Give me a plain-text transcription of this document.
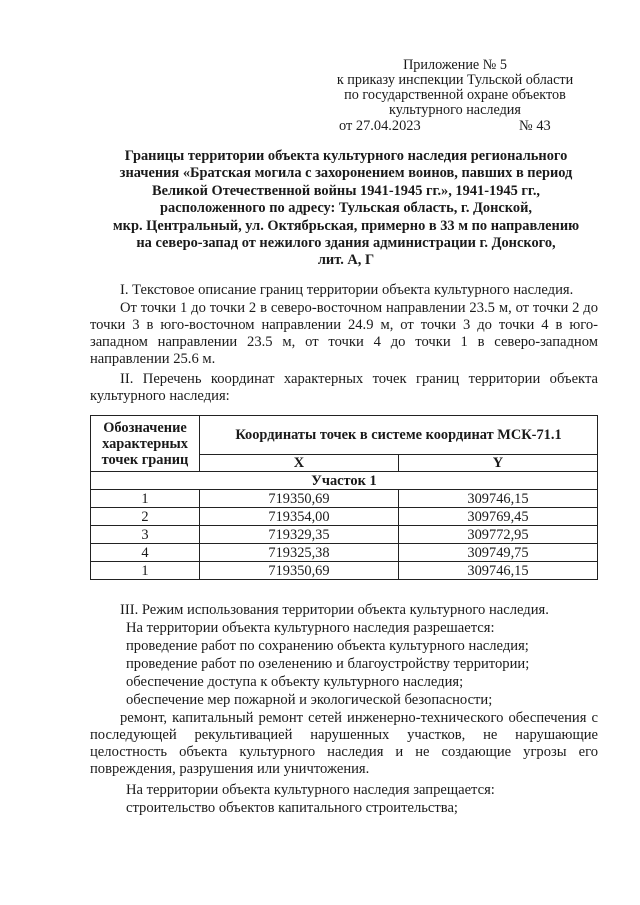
Приложение № 5
к приказу инспекции Тульской области
по государственной охране объектов
культурного наследия
от 27.04.2023	№ 43
Границы территории объекта культурного наследия регионального
значения «Братская могила с захоронением воинов, павших в период
Великой Отечественной войны 1941-1945 гг.», 1941-1945 гг.,
расположенного по адресу: Тульская область, г. Донской,
мкр. Центральный, ул. Октябрьская, примерно в 33 м по направлению
на северо-запад от нежилого здания администрации г. Донского,
лит. А, Г
I. Текстовое описание границ территории объекта культурного наследия.
От точки 1 до точки 2 в северо-восточном направлении 23.5 м, от точки 2 до точки 3 в юго-восточном направлении 24.9 м, от точки 3 до точки 4 в юго-западном направлении 23.5 м, от точки 4 до точки 1 в северо-западном направлении 25.6 м.
II. Перечень координат характерных точек границ территории объекта культурного наследия:
Обозначение характерных точек границ	Координаты точек в системе координат МСК-71.1	
	X	Y
Участок 1		
1	719350,69	309746,15
2	719354,00	309769,45
3	719329,35	309772,95
4	719325,38	309749,75
1	719350,69	309746,15
III. Режим использования территории объекта культурного наследия.
На территории объекта культурного наследия разрешается:
проведение работ по сохранению объекта культурного наследия;
проведение работ по озеленению и благоустройству территории;
обеспечение доступа к объекту культурного наследия;
обеспечение мер пожарной и экологической безопасности;
ремонт, капитальный ремонт сетей инженерно-технического обеспечения с последующей рекультивацией нарушенных участков, не нарушающие целостность объекта культурного наследия и не создающие угрозы его повреждения, разрушения или уничтожения.
На территории объекта культурного наследия запрещается:
строительство объектов капитального строительства;
